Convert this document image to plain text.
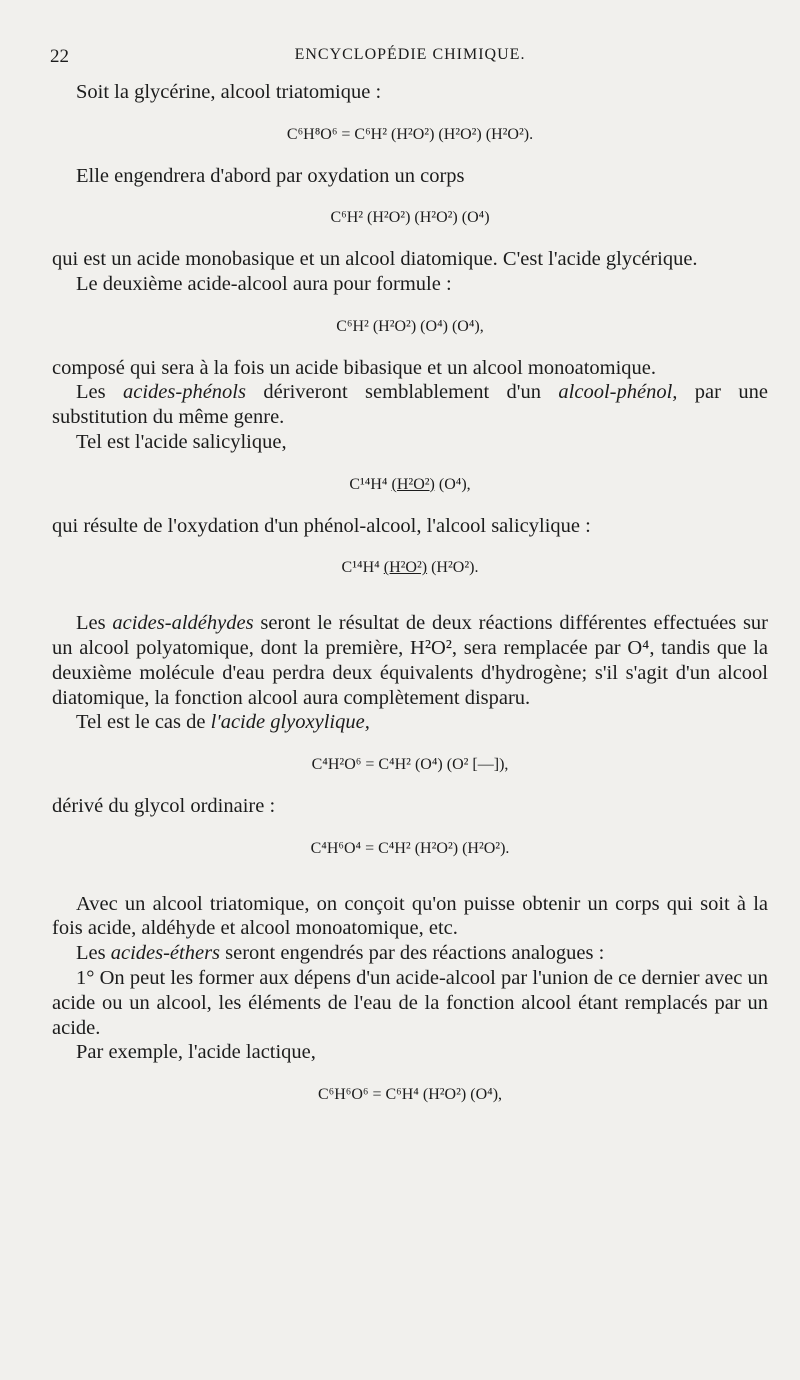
22	ENCYCLOPÉDIE CHIMIQUE.

Soit la glycérine, alcool triatomique :

C⁶H⁸O⁶ = C⁶H² (H²O²) (H²O²) (H²O²).

Elle engendrera d'abord par oxydation un corps

C⁶H² (H²O²) (H²O²) (O⁴)

qui est un acide monobasique et un alcool diatomique. C'est l'acide glycérique.

Le deuxième acide-alcool aura pour formule :

C⁶H² (H²O²) (O⁴) (O⁴),

composé qui sera à la fois un acide bibasique et un alcool monoatomique.

Les acides-phénols dériveront semblablement d'un alcool-phénol, par une substitution du même genre.

Tel est l'acide salicylique,

C¹⁴H⁴ (H²O²) (O⁴),

qui résulte de l'oxydation d'un phénol-alcool, l'alcool salicylique :

C¹⁴H⁴ (H²O²) (H²O²).

Les acides-aldéhydes seront le résultat de deux réactions différentes effectuées sur un alcool polyatomique, dont la première, H²O², sera remplacée par O⁴, tandis que la deuxième molécule d'eau perdra deux équivalents d'hydrogène; s'il s'agit d'un alcool diatomique, la fonction alcool aura complètement disparu.

Tel est le cas de l'acide glyoxylique,

C⁴H²O⁶ = C⁴H² (O⁴) (O² [—]),

dérivé du glycol ordinaire :

C⁴H⁶O⁴ = C⁴H² (H²O²) (H²O²).

Avec un alcool triatomique, on conçoit qu'on puisse obtenir un corps qui soit à la fois acide, aldéhyde et alcool monoatomique, etc.

Les acides-éthers seront engendrés par des réactions analogues :

1° On peut les former aux dépens d'un acide-alcool par l'union de ce dernier avec un acide ou un alcool, les éléments de l'eau de la fonction alcool étant remplacés par un acide.

Par exemple, l'acide lactique,

C⁶H⁶O⁶ = C⁶H⁴ (H²O²) (O⁴),
